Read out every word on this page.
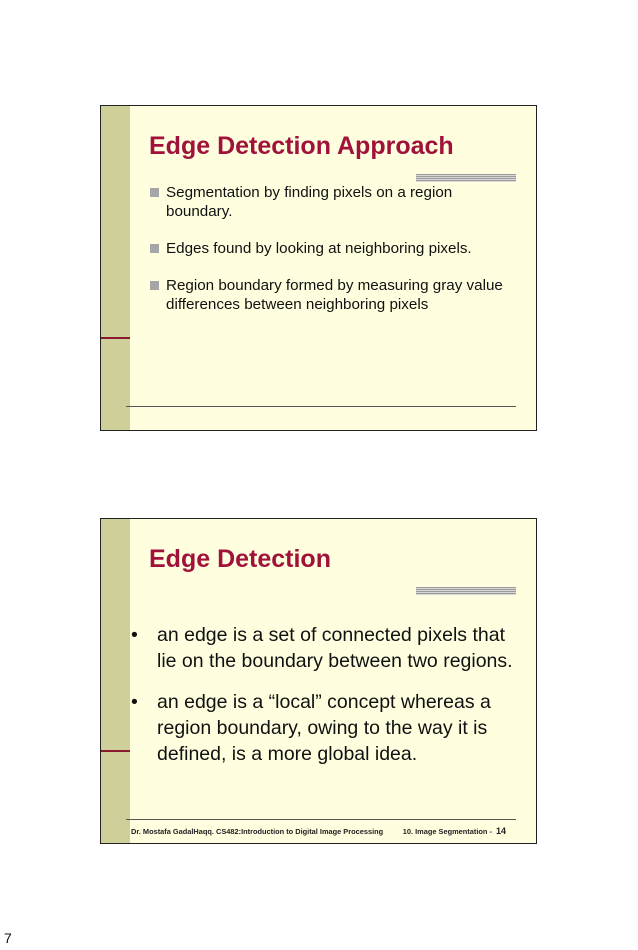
Edge Detection Approach
Segmentation by finding pixels on a region boundary.
Edges found by looking at neighboring pixels.
Region boundary formed by measuring gray value differences between neighboring pixels
Edge Detection
• an edge is a set of connected pixels that lie on the boundary between two regions.
• an edge is a “local” concept whereas a region boundary, owing to the way it is defined, is a more global idea.
Dr. Mostafa GadalHaqq. CS482:Introduction to Digital Image Processing	10. Image Segmentation - 14
7
